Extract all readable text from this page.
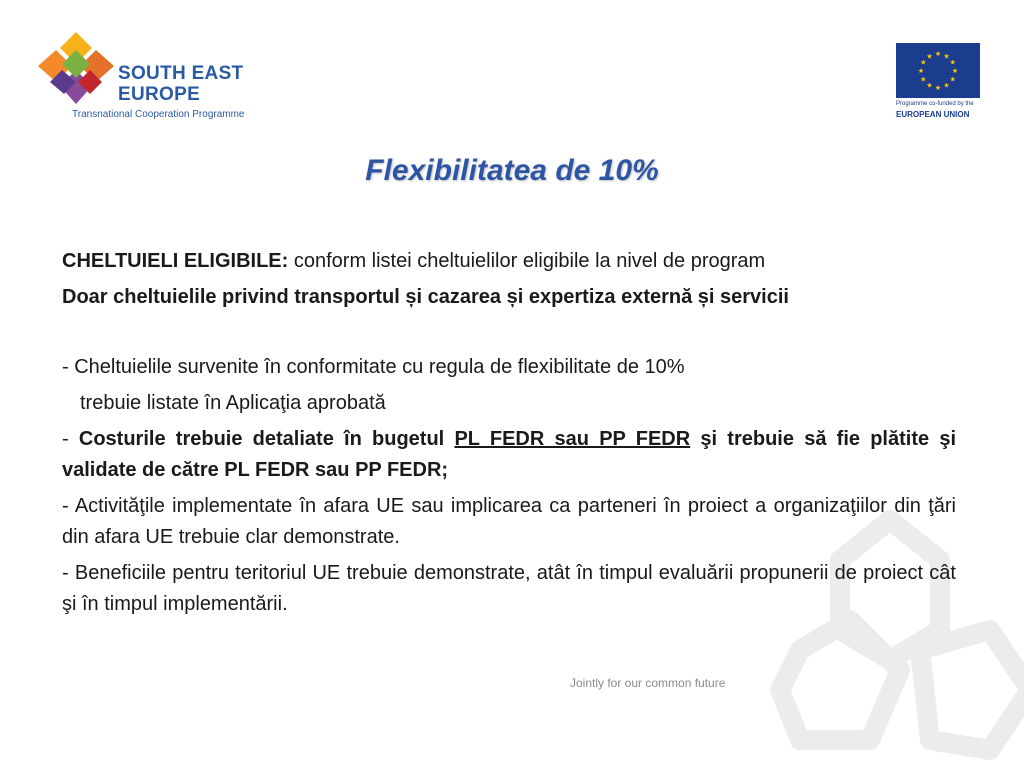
SOUTH EAST
EUROPE
Transnational Cooperation Programme
★ ★
★
★
★
★
★
★
★
★
★
★
Programme co-funded by the
EUROPEAN UNION
Flexibilitatea de 10%

CHELTUIELI ELIGIBILE: conform listei cheltuielilor eligibile la nivel de program

Doar cheltuielile privind transportul și cazarea și expertiza externă și servicii

- Cheltuielile survenite în conformitate cu regula de flexibilitate de 10%

trebuie listate în Aplicaţia aprobată

- Costurile trebuie detaliate în bugetul PL FEDR sau PP FEDR şi trebuie să fie plătite şi validate de către PL FEDR sau PP FEDR;

- Activităţile implementate în afara UE sau implicarea ca parteneri în proiect a organizaţiilor din ţări din afara UE trebuie clar demonstrate.

- Beneficiile pentru teritoriul UE trebuie demonstrate, atât în timpul evaluării propunerii de proiect cât şi în timpul implementării.

Jointly for our common future
